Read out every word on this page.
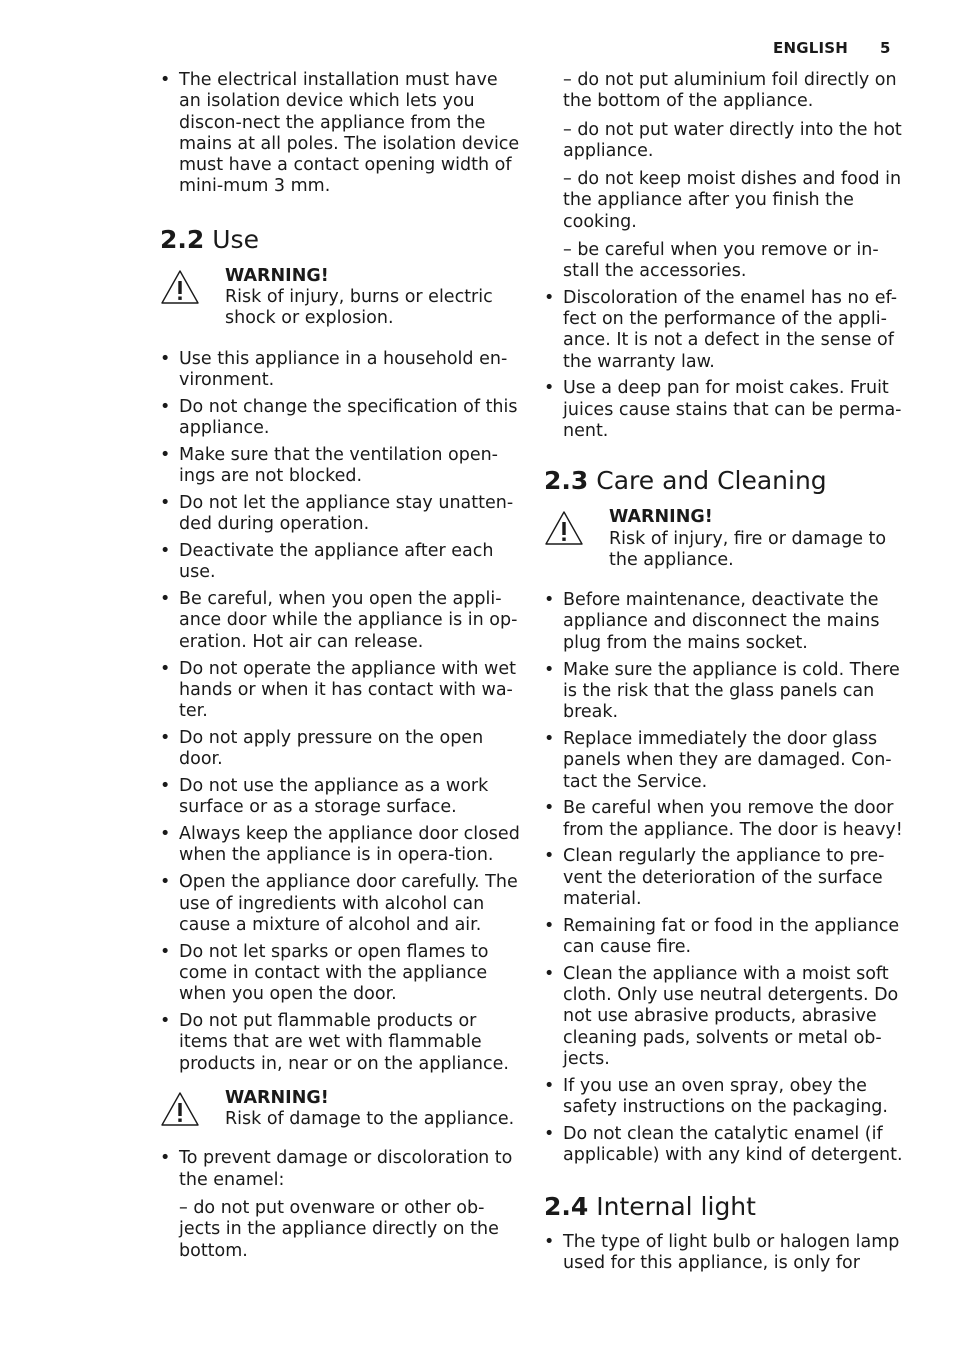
ENGLISH 5
• The electrical installation must have an isolation device which lets you discon-nect the appliance from the mains at all poles. The isolation device must have a contact opening width of mini-mum 3 mm.
2.2 Use

WARNING!

Risk of injury, burns or electric shock or explosion.

• Use this appliance in a household en-vironment.
• Do not change the specification of this appliance.
• Make sure that the ventilation open-ings are not blocked.
• Do not let the appliance stay unatten-ded during operation.
• Deactivate the appliance after each use.
• Be careful, when you open the appli-ance door while the appliance is in op-eration. Hot air can release.
• Do not operate the appliance with wet hands or when it has contact with wa-ter.
• Do not apply pressure on the open door.
• Do not use the appliance as a work surface or as a storage surface.
• Always keep the appliance door closed when the appliance is in opera-tion.
• Open the appliance door carefully. The use of ingredients with alcohol can cause a mixture of alcohol and air.
• Do not let sparks or open flames to come in contact with the appliance when you open the door.
• Do not put flammable products or items that are wet with flammable products in, near or on the appliance.

WARNING!

Risk of damage to the appliance.

• To prevent damage or discoloration to the enamel:

– do not put ovenware or other ob-jects in the appliance directly on the bottom.

– do not put aluminium foil directly on the bottom of the appliance.

– do not put water directly into the hot appliance.

– do not keep moist dishes and food in the appliance after you finish the cooking.

– be careful when you remove or in-stall the accessories.

• Discoloration of the enamel has no ef-fect on the performance of the appli-ance. It is not a defect in the sense of the warranty law.
• Use a deep pan for moist cakes. Fruit juices cause stains that can be perma-nent.
2.3 Care and Cleaning

WARNING!

Risk of injury, fire or damage to the appliance.

• Before maintenance, deactivate the appliance and disconnect the mains plug from the mains socket.
• Make sure the appliance is cold. There is the risk that the glass panels can break.
• Replace immediately the door glass panels when they are damaged. Con-tact the Service.
• Be careful when you remove the door from the appliance. The door is heavy!
• Clean regularly the appliance to pre-vent the deterioration of the surface material.
• Remaining fat or food in the appliance can cause fire.
• Clean the appliance with a moist soft cloth. Only use neutral detergents. Do not use abrasive products, abrasive cleaning pads, solvents or metal ob-jects.
• If you use an oven spray, obey the safety instructions on the packaging.
• Do not clean the catalytic enamel (if applicable) with any kind of detergent.
2.4 Internal light
• The type of light bulb or halogen lamp used for this appliance, is only for
